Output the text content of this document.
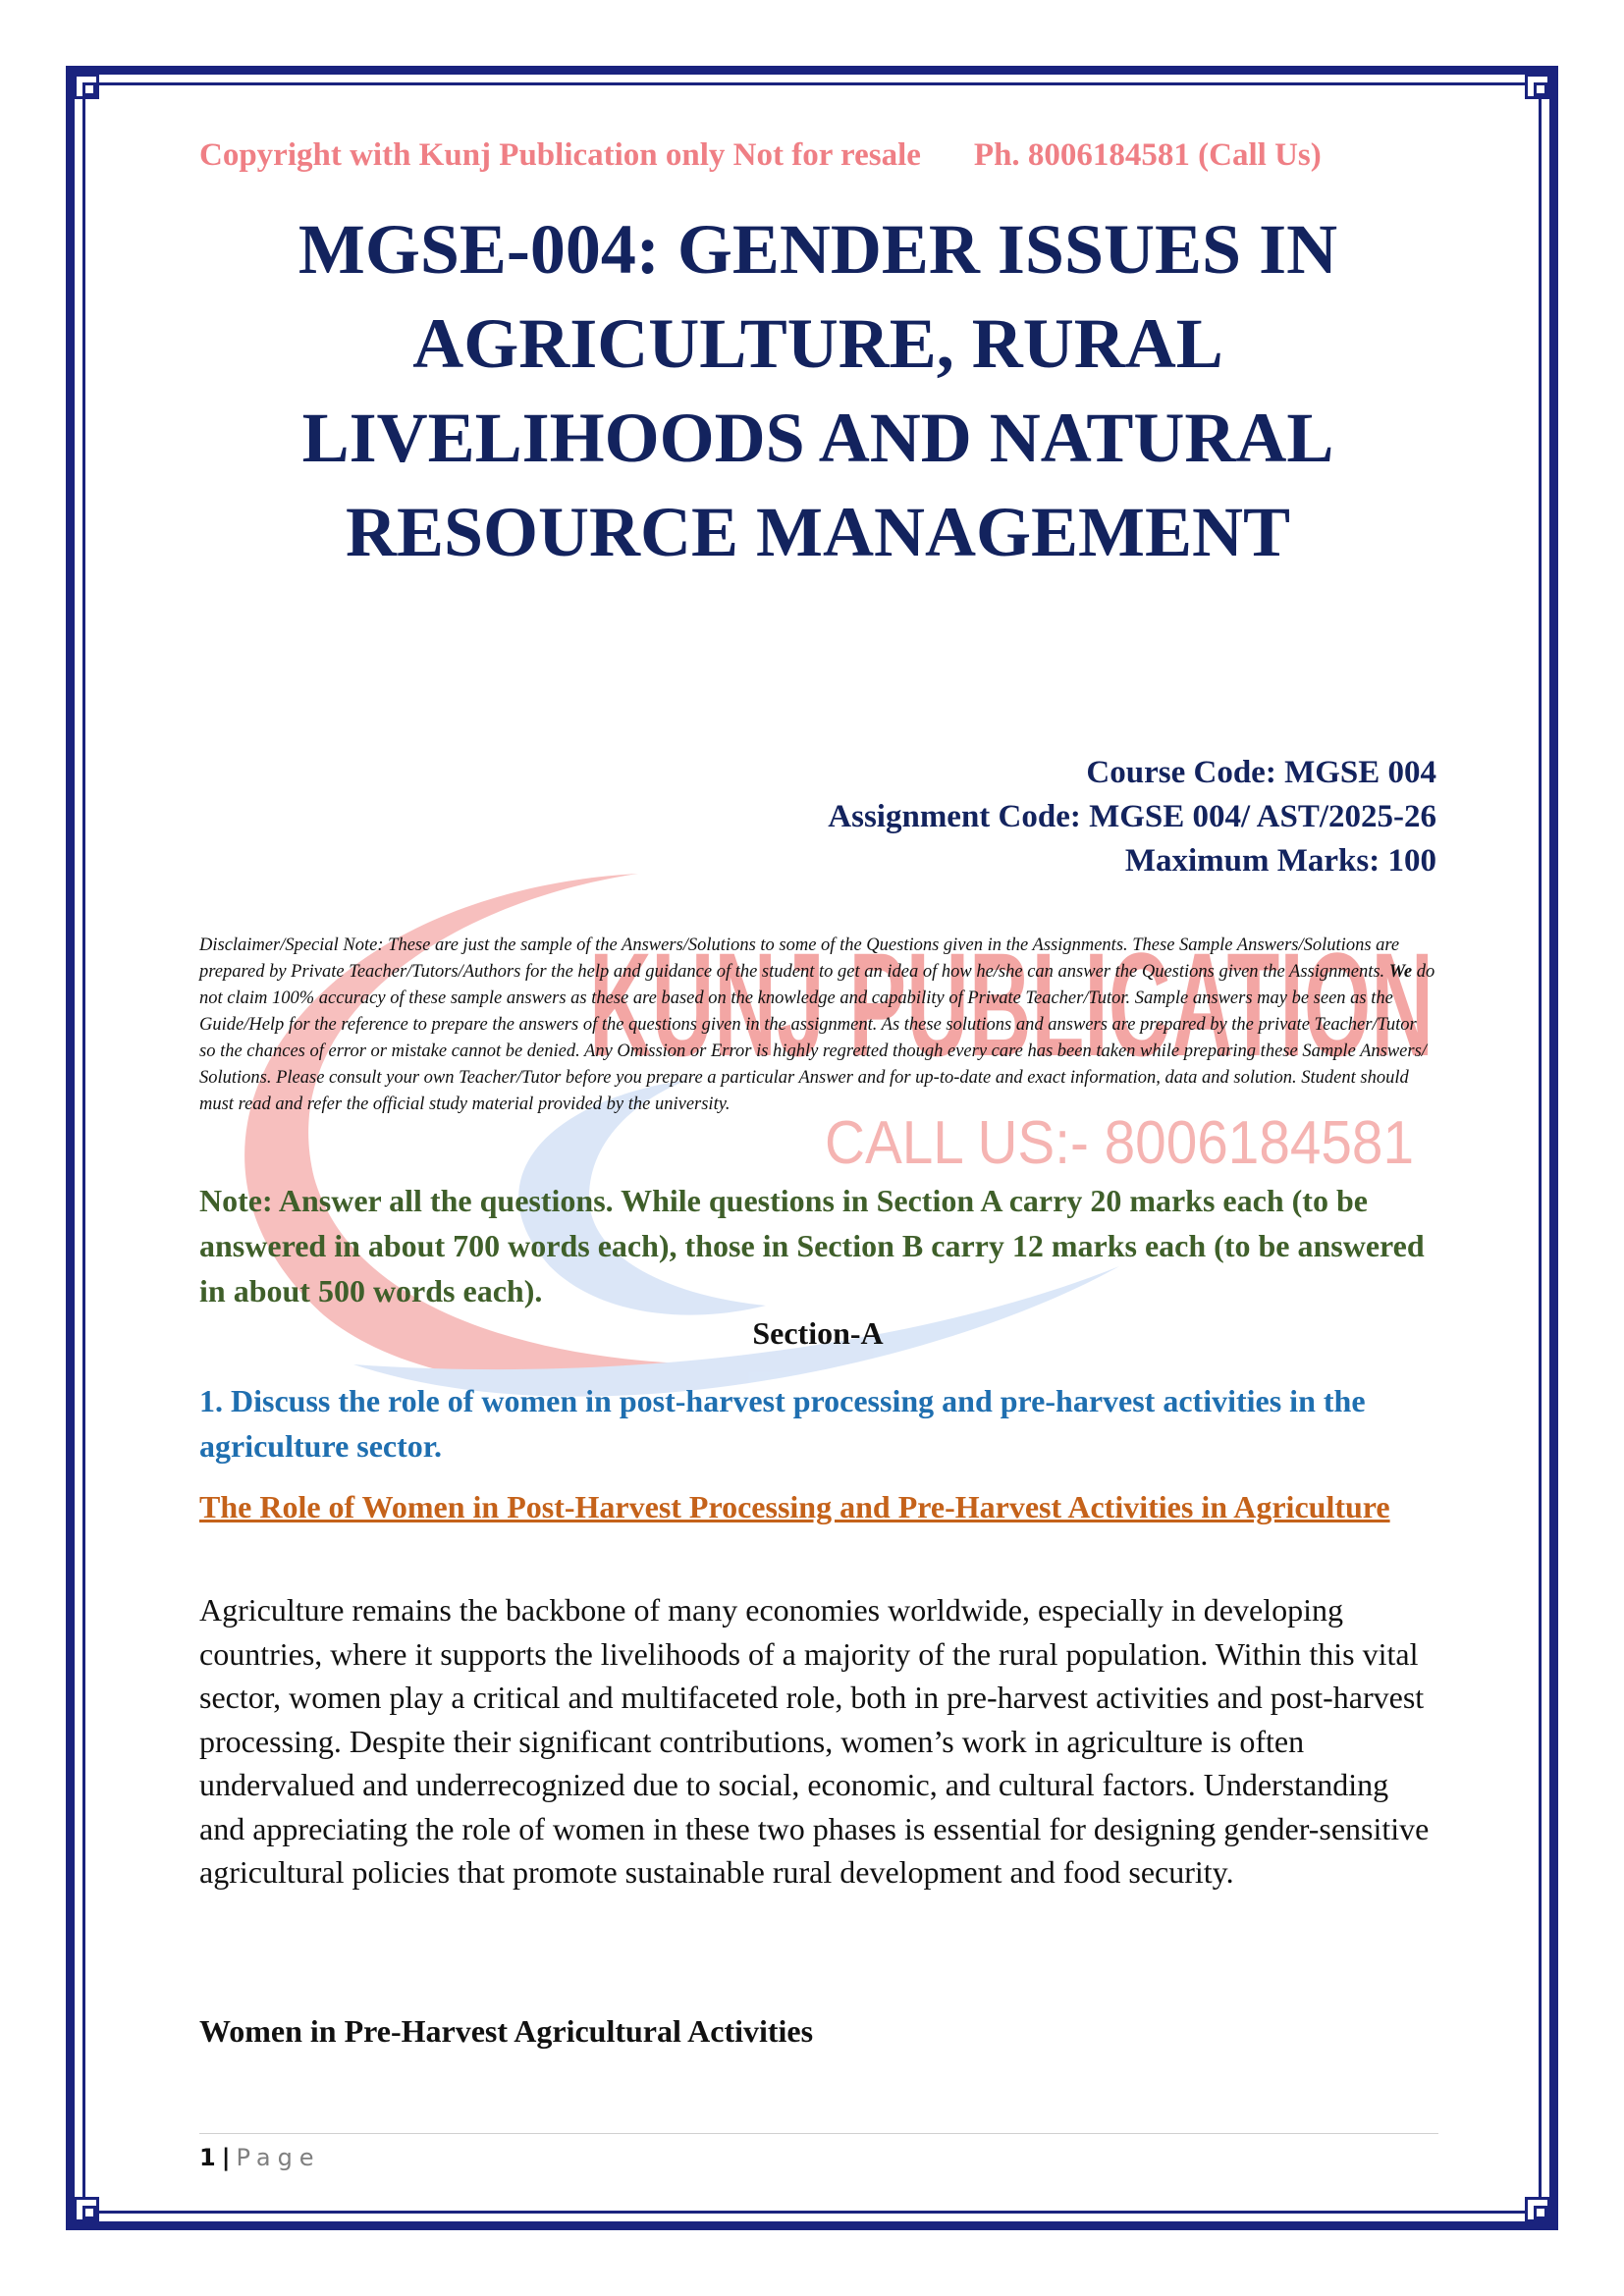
KUNJ PUBLICATION
CALL US:- 8006184581

Copyright with Kunj Publication only Not for resale Ph. 8006184581 (Call Us)

MGSE-004: GENDER ISSUES IN AGRICULTURE, RURAL LIVELIHOODS AND NATURAL RESOURCE MANAGEMENT
Course Code: MGSE 004
Assignment Code: MGSE 004/ AST/2025-26
Maximum Marks: 100

Disclaimer/Special Note: These are just the sample of the Answers/Solutions to some of the Questions given in the Assignments. These Sample Answers/Solutions are prepared by Private Teacher/Tutors/Authors for the help and guidance of the student to get an idea of how he/she can answer the Questions given the Assignments. We do not claim 100% accuracy of these sample answers as these are based on the knowledge and capability of Private Teacher/Tutor. Sample answers may be seen as the Guide/Help for the reference to prepare the answers of the questions given in the assignment. As these solutions and answers are prepared by the private Teacher/Tutor so the chances of error or mistake cannot be denied. Any Omission or Error is highly regretted though every care has been taken while preparing these Sample Answers/ Solutions. Please consult your own Teacher/Tutor before you prepare a particular Answer and for up-to-date and exact information, data and solution. Student should must read and refer the official study material provided by the university.

Note: Answer all the questions. While questions in Section A carry 20 marks each (to be answered in about 700 words each), those in Section B carry 12 marks each (to be answered in about 500 words each).

Section-A

1. Discuss the role of women in post-harvest processing and pre-harvest activities in the agriculture sector.

The Role of Women in Post-Harvest Processing and Pre-Harvest Activities in Agriculture

Agriculture remains the backbone of many economies worldwide, especially in developing countries, where it supports the livelihoods of a majority of the rural population. Within this vital sector, women play a critical and multifaceted role, both in pre-harvest activities and post-harvest processing. Despite their significant contributions, women’s work in agriculture is often undervalued and underrecognized due to social, economic, and cultural factors. Understanding and appreciating the role of women in these two phases is essential for designing gender-sensitive agricultural policies that promote sustainable rural development and food security.

Women in Pre-Harvest Agricultural Activities

1 | Page
